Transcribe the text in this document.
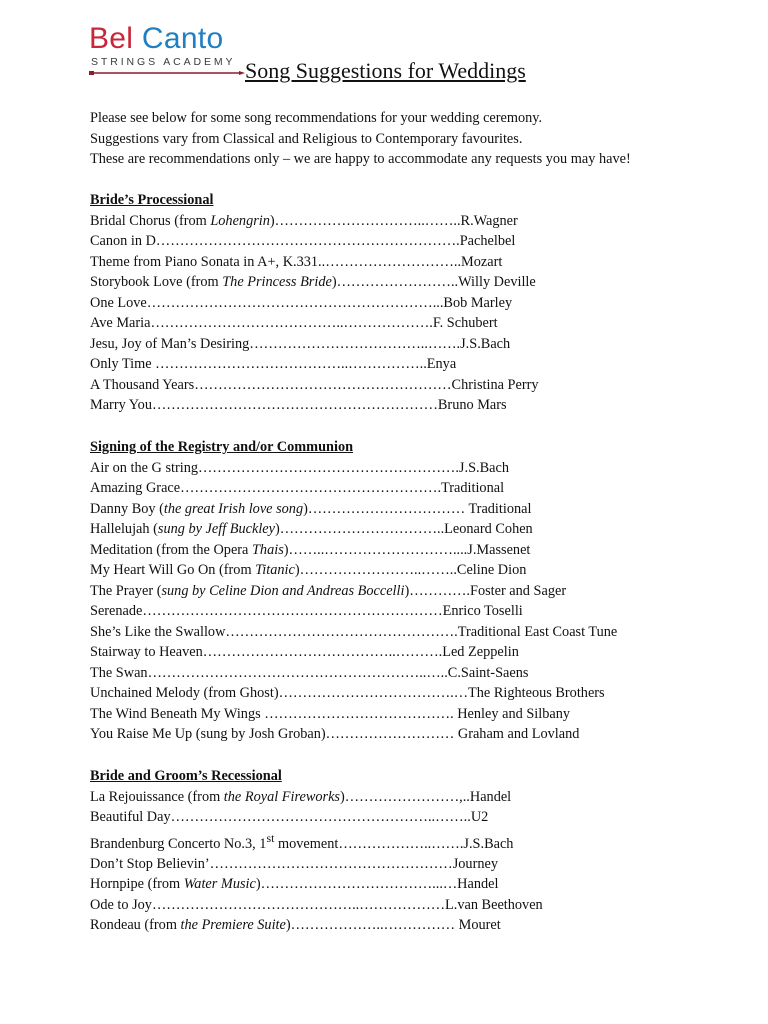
Bel Canto
STRINGS ACADEMY Song Suggestions for Weddings

Please see below for some song recommendations for your wedding ceremony.

Suggestions vary from Classical and Religious to Contemporary favourites.

These are recommendations only – we are happy to accommodate any requests you may have!

Bride’s Processional

Bridal Chorus (from Lohengrin)…………………………..……..R.Wagner

Canon in D……………………………………………………….Pachelbel

Theme from Piano Sonata in A+, K.331..………………………..Mozart

Storybook Love (from The Princess Bride)……………………..Willy Deville

One Love……………………………………………………...Bob Marley

Ave Maria…………………………………..……………….F. Schubert

Jesu, Joy of Man’s Desiring………………………………..…….J.S.Bach

Only Time …………………………………..……………..Enya

A Thousand Years………………………………………………Christina Perry

Marry You……………………………………………………Bruno Mars

Signing of the Registry and/or Communion

Air on the G string……………………………………………….J.S.Bach

Amazing Grace……………………………………………….Traditional

Danny Boy (the great Irish love song)…………………………… Traditional

Hallelujah (sung by Jeff Buckley)……………………………..Leonard Cohen

Meditation (from the Opera Thais)……..………………………....J.Massenet

My Heart Will Go On (from Titanic)……………………..……..Celine Dion

The Prayer (sung by Celine Dion and Andreas Boccelli)………….Foster and Sager

Serenade………………………………………………………Enrico Toselli

She’s Like the Swallow………………………………………….Traditional East Coast Tune

Stairway to Heaven…………………………………..……….Led Zeppelin

The Swan…………………………………………………..…..C.Saint-Saens

Unchained Melody (from Ghost)……………………………….…The Righteous Brothers

The Wind Beneath My Wings …………………………………. Henley and Silbany

You Raise Me Up (sung by Josh Groban)……………………… Graham and Lovland

Bride and Groom’s Recessional

La Rejouissance (from the Royal Fireworks)……………………,..Handel

Beautiful Day………………………………………………..……..U2

Brandenburg Concerto No.3, 1st movement………………..…….J.S.Bach

Don’t Stop Believin’……………………………………………Journey

Hornpipe (from Water Music)………………………………...…Handel

Ode to Joy……………………………………..………………L.van Beethoven

Rondeau (from the Premiere Suite)………………..…………… Mouret
